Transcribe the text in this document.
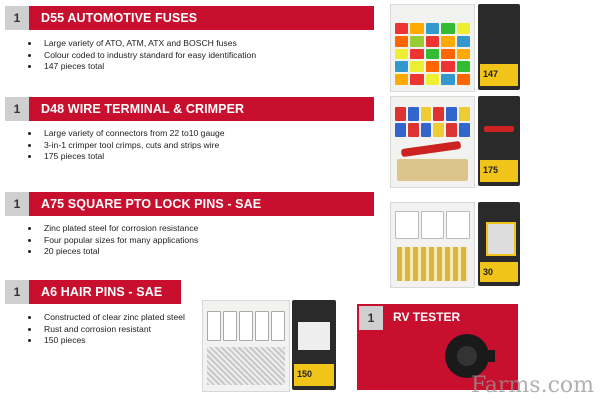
1	D55 AUTOMOTIVE FUSES
• Large variety of ATO, ATM, ATX and BOSCH fuses
• Colour coded to industry standard for easy identification
• 147 pieces total
147
1	D48 WIRE TERMINAL & CRIMPER
• Large variety of connectors from 22 to10 gauge
• 3-in-1 crimper tool crimps, cuts and strips wire
• 175 pieces total
175
1	A75 SQUARE PTO LOCK PINS - SAE
• Zinc plated steel for corrosion resistance
• Four popular sizes for many applications
• 20 pieces total
30
1	A6 HAIR PINS - SAE
• Constructed of clear zinc plated steel
• Rust and corrosion resistant
• 150 pieces
150
1	RV TESTER
Farms.com
